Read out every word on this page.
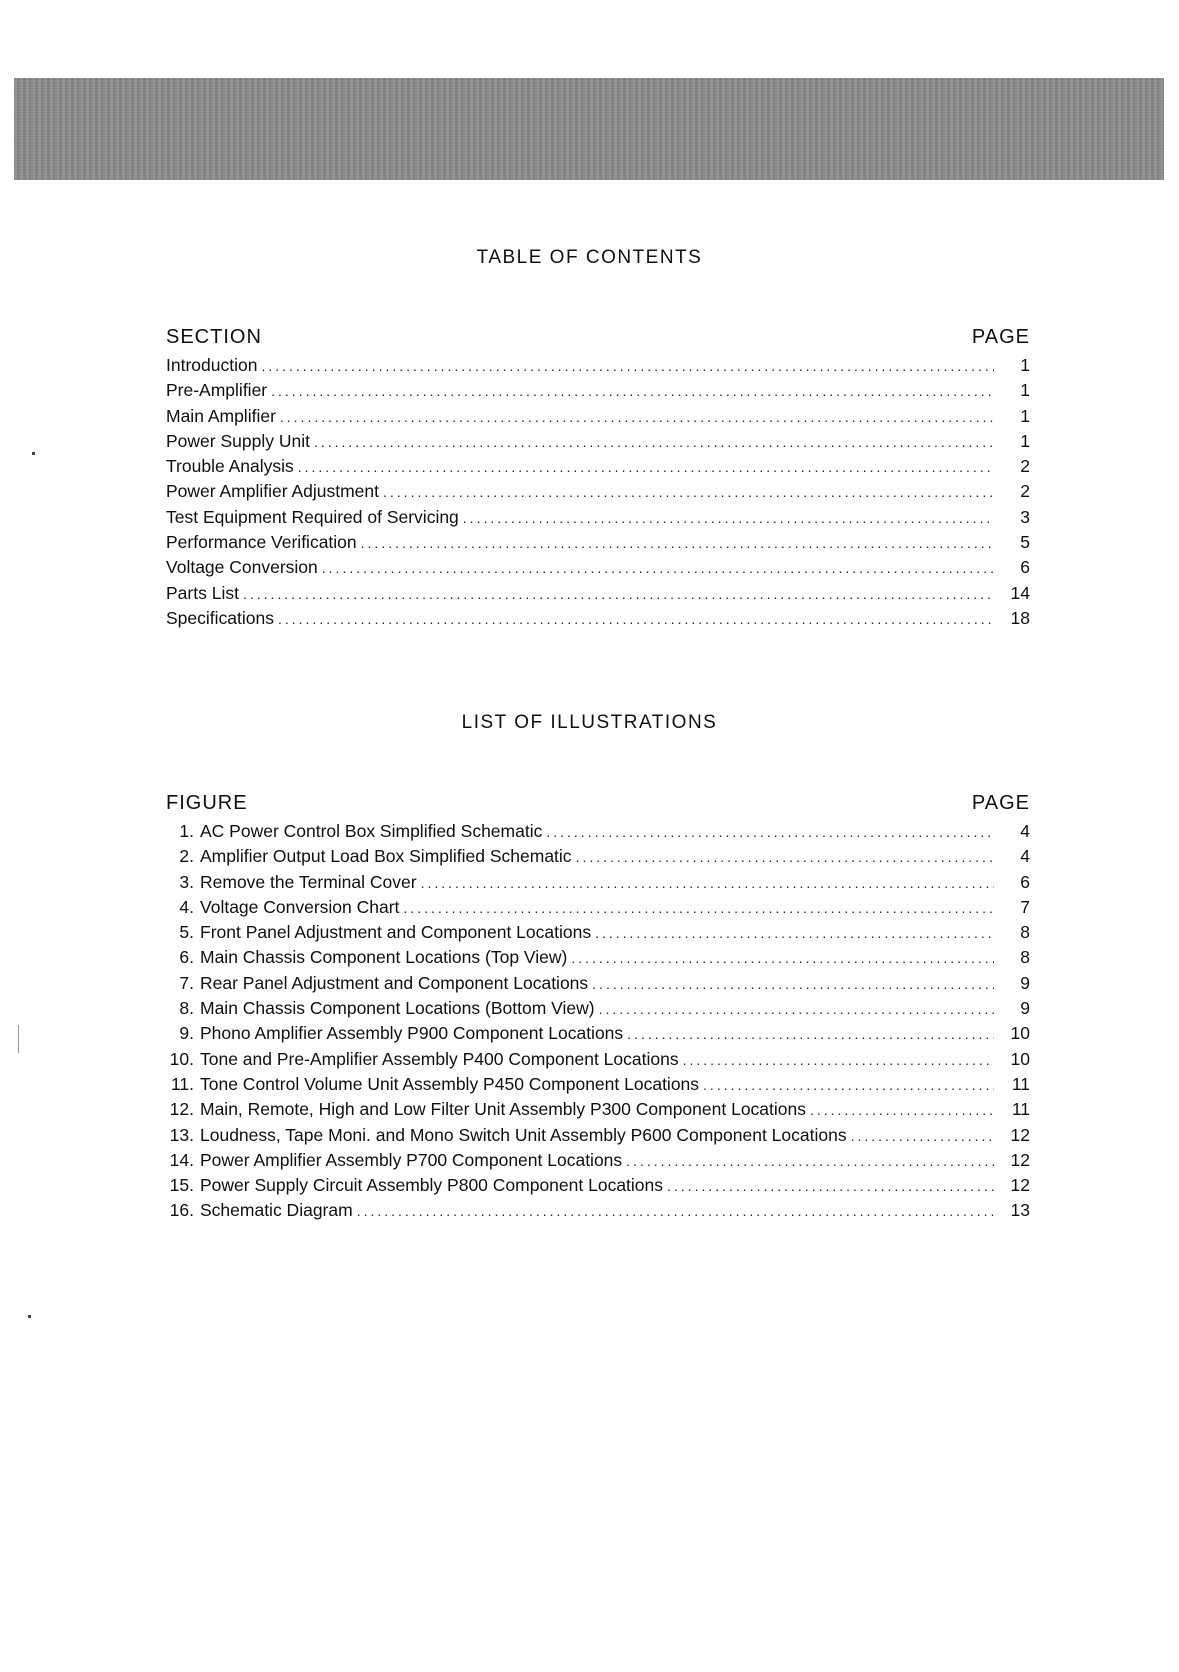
TABLE OF CONTENTS
SECTION	PAGE
Introduction .....	1
Pre-Amplifier .....	1
Main Amplifier .....	1
Power Supply Unit .....	1
Trouble Analysis .....	2
Power Amplifier Adjustment .....	2
Test Equipment Required of Servicing .....	3
Performance Verification .....	5
Voltage Conversion .....	6
Parts List .....	14
Specifications .....	18
LIST OF ILLUSTRATIONS
FIGURE	PAGE
1. AC Power Control Box Simplified Schematic .....	4
2. Amplifier Output Load Box Simplified Schematic .....	4
3. Remove the Terminal Cover .....	6
4. Voltage Conversion Chart .....	7
5. Front Panel Adjustment and Component Locations .....	8
6. Main Chassis Component Locations (Top View) .....	8
7. Rear Panel Adjustment and Component Locations .....	9
8. Main Chassis Component Locations (Bottom View) .....	9
9. Phono Amplifier Assembly P900 Component Locations .....	10
10. Tone and Pre-Amplifier Assembly P400 Component Locations .....	10
11. Tone Control Volume Unit Assembly P450 Component Locations .....	11
12. Main, Remote, High and Low Filter Unit Assembly P300 Component Locations .....	11
13. Loudness, Tape Moni. and Mono Switch Unit Assembly P600 Component Locations .....	12
14. Power Amplifier Assembly P700 Component Locations .....	12
15. Power Supply Circuit Assembly P800 Component Locations .....	12
16. Schematic Diagram .....	13
